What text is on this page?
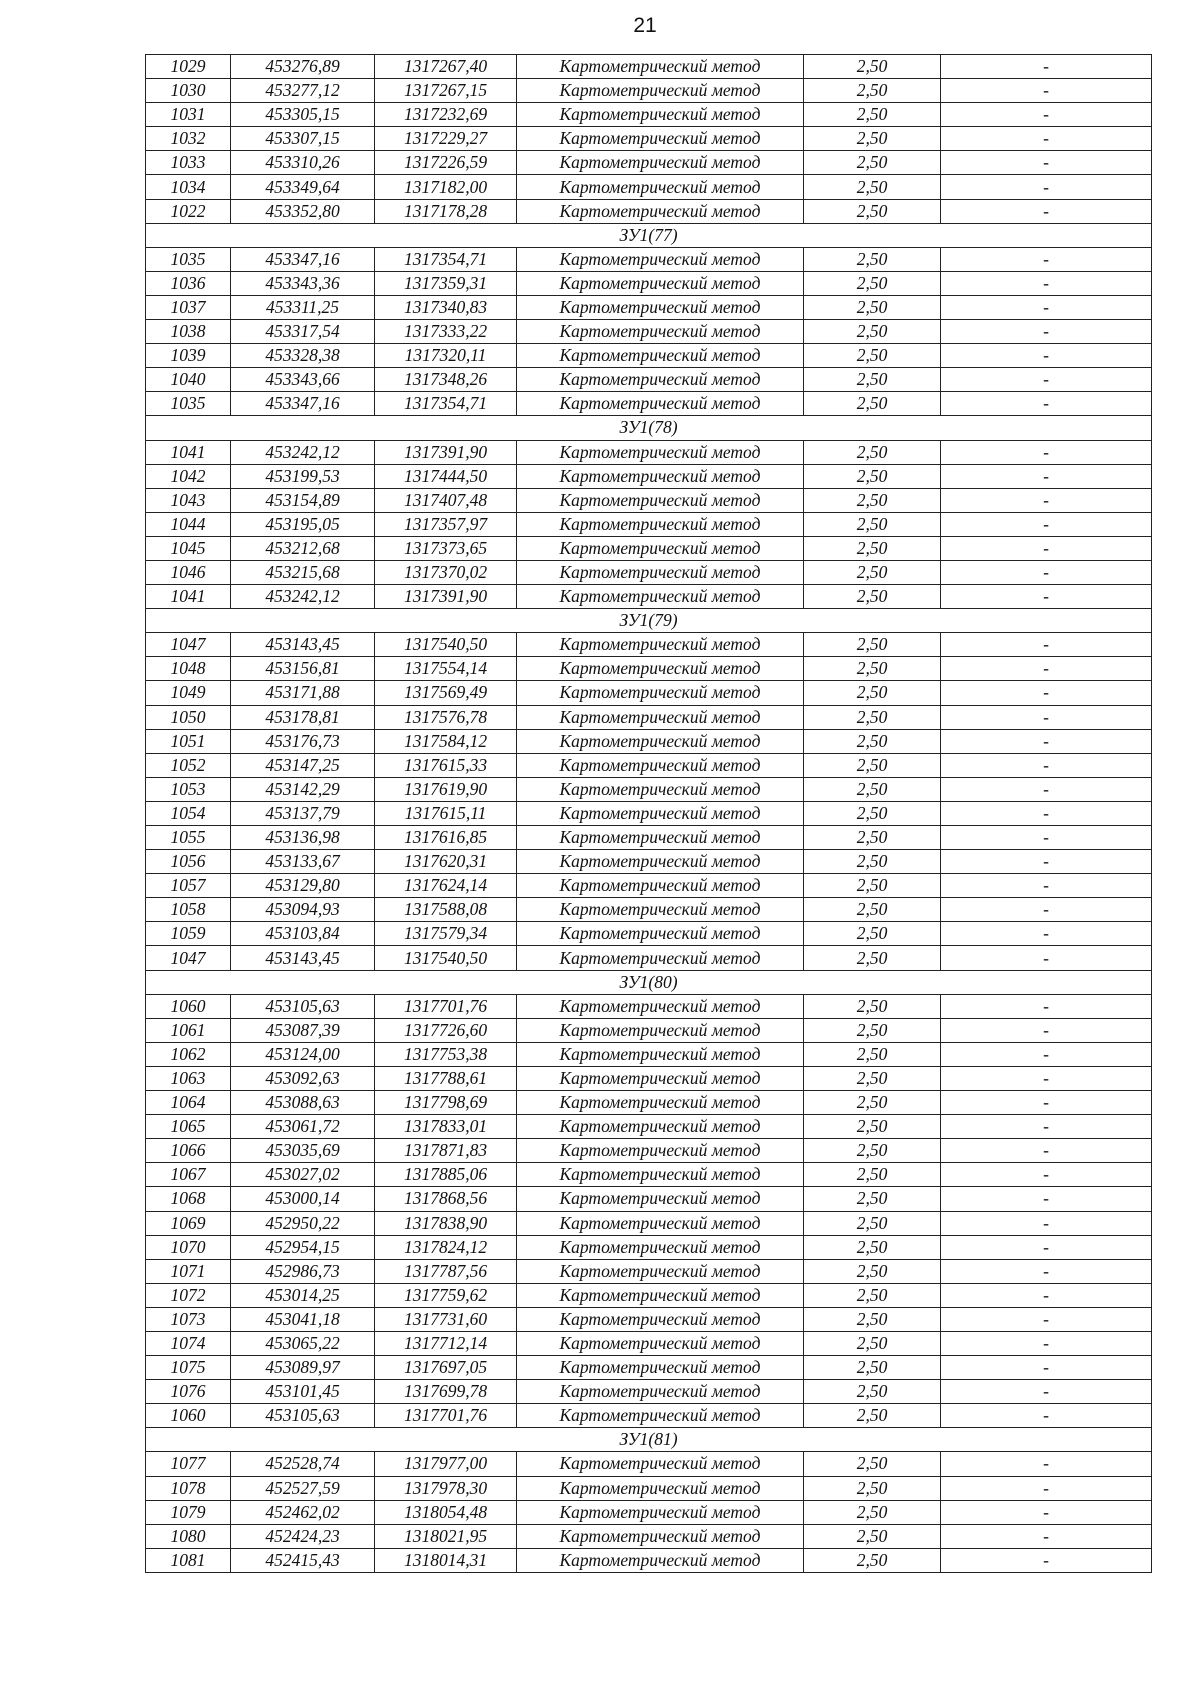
21
1029	453276,89	1317267,40	Картометрический метод	2,50	-
1030	453277,12	1317267,15	Картометрический метод	2,50	-
1031	453305,15	1317232,69	Картометрический метод	2,50	-
1032	453307,15	1317229,27	Картометрический метод	2,50	-
1033	453310,26	1317226,59	Картометрический метод	2,50	-
1034	453349,64	1317182,00	Картометрический метод	2,50	-
1022	453352,80	1317178,28	Картометрический метод	2,50	-
ЗУ1(77)					
1035	453347,16	1317354,71	Картометрический метод	2,50	-
1036	453343,36	1317359,31	Картометрический метод	2,50	-
1037	453311,25	1317340,83	Картометрический метод	2,50	-
1038	453317,54	1317333,22	Картометрический метод	2,50	-
1039	453328,38	1317320,11	Картометрический метод	2,50	-
1040	453343,66	1317348,26	Картометрический метод	2,50	-
1035	453347,16	1317354,71	Картометрический метод	2,50	-
ЗУ1(78)					
1041	453242,12	1317391,90	Картометрический метод	2,50	-
1042	453199,53	1317444,50	Картометрический метод	2,50	-
1043	453154,89	1317407,48	Картометрический метод	2,50	-
1044	453195,05	1317357,97	Картометрический метод	2,50	-
1045	453212,68	1317373,65	Картометрический метод	2,50	-
1046	453215,68	1317370,02	Картометрический метод	2,50	-
1041	453242,12	1317391,90	Картометрический метод	2,50	-
ЗУ1(79)					
1047	453143,45	1317540,50	Картометрический метод	2,50	-
1048	453156,81	1317554,14	Картометрический метод	2,50	-
1049	453171,88	1317569,49	Картометрический метод	2,50	-
1050	453178,81	1317576,78	Картометрический метод	2,50	-
1051	453176,73	1317584,12	Картометрический метод	2,50	-
1052	453147,25	1317615,33	Картометрический метод	2,50	-
1053	453142,29	1317619,90	Картометрический метод	2,50	-
1054	453137,79	1317615,11	Картометрический метод	2,50	-
1055	453136,98	1317616,85	Картометрический метод	2,50	-
1056	453133,67	1317620,31	Картометрический метод	2,50	-
1057	453129,80	1317624,14	Картометрический метод	2,50	-
1058	453094,93	1317588,08	Картометрический метод	2,50	-
1059	453103,84	1317579,34	Картометрический метод	2,50	-
1047	453143,45	1317540,50	Картометрический метод	2,50	-
ЗУ1(80)					
1060	453105,63	1317701,76	Картометрический метод	2,50	-
1061	453087,39	1317726,60	Картометрический метод	2,50	-
1062	453124,00	1317753,38	Картометрический метод	2,50	-
1063	453092,63	1317788,61	Картометрический метод	2,50	-
1064	453088,63	1317798,69	Картометрический метод	2,50	-
1065	453061,72	1317833,01	Картометрический метод	2,50	-
1066	453035,69	1317871,83	Картометрический метод	2,50	-
1067	453027,02	1317885,06	Картометрический метод	2,50	-
1068	453000,14	1317868,56	Картометрический метод	2,50	-
1069	452950,22	1317838,90	Картометрический метод	2,50	-
1070	452954,15	1317824,12	Картометрический метод	2,50	-
1071	452986,73	1317787,56	Картометрический метод	2,50	-
1072	453014,25	1317759,62	Картометрический метод	2,50	-
1073	453041,18	1317731,60	Картометрический метод	2,50	-
1074	453065,22	1317712,14	Картометрический метод	2,50	-
1075	453089,97	1317697,05	Картометрический метод	2,50	-
1076	453101,45	1317699,78	Картометрический метод	2,50	-
1060	453105,63	1317701,76	Картометрический метод	2,50	-
ЗУ1(81)					
1077	452528,74	1317977,00	Картометрический метод	2,50	-
1078	452527,59	1317978,30	Картометрический метод	2,50	-
1079	452462,02	1318054,48	Картометрический метод	2,50	-
1080	452424,23	1318021,95	Картометрический метод	2,50	-
1081	452415,43	1318014,31	Картометрический метод	2,50	-
